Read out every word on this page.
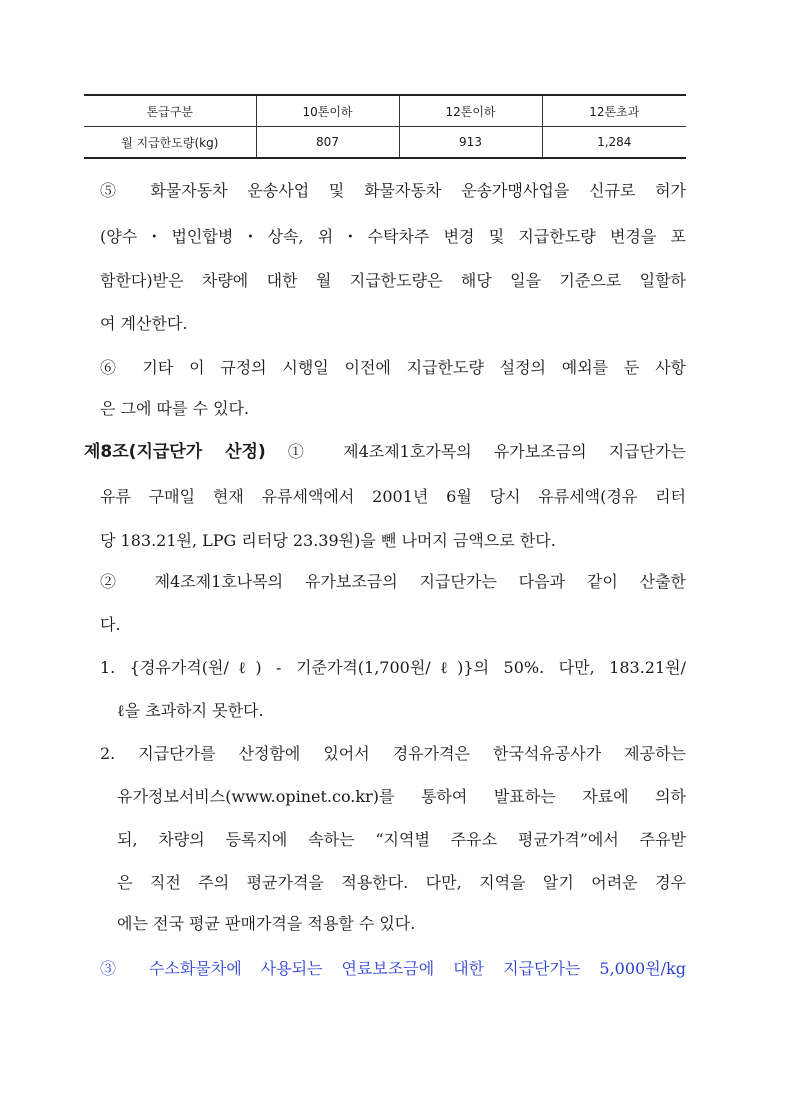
톤급구분	10톤이하	12톤이하	12톤초과
월 지급한도량(kg)	807	913	1,284
⑤ 화물자동차 운송사업 및 화물자동차 운송가맹사업을 신규로 허가
(양수・법인합병・상속, 위・수탁차주 변경 및 지급한도량 변경을 포
함한다)받은 차량에 대한 월 지급한도량은 해당 일을 기준으로 일할하
여 계산한다.
⑥ 기타 이 규정의 시행일 이전에 지급한도량 설정의 예외를 둔 사항
은 그에 따를 수 있다.
제8조(지급단가 산정) ① 제4조제1호가목의 유가보조금의 지급단가는
유류 구매일 현재 유류세액에서 2001년 6월 당시 유류세액(경유 리터
당 183.21원, LPG 리터당 23.39원)을 뺀 나머지 금액으로 한다.
② 제4조제1호나목의 유가보조금의 지급단가는 다음과 같이 산출한
다.
1. {경유가격(원/ℓ) - 기준가격(1,700원/ℓ)}의 50%. 다만, 183.21원/
ℓ을 초과하지 못한다.
2. 지급단가를 산정함에 있어서 경유가격은 한국석유공사가 제공하는
유가정보서비스(www.opinet.co.kr)를 통하여 발표하는 자료에 의하
되, 차량의 등록지에 속하는 “지역별 주유소 평균가격”에서 주유받
은 직전 주의 평균가격을 적용한다. 다만, 지역을 알기 어려운 경우
에는 전국 평균 판매가격을 적용할 수 있다.
③ 수소화물차에 사용되는 연료보조금에 대한 지급단가는 5,000원/kg
